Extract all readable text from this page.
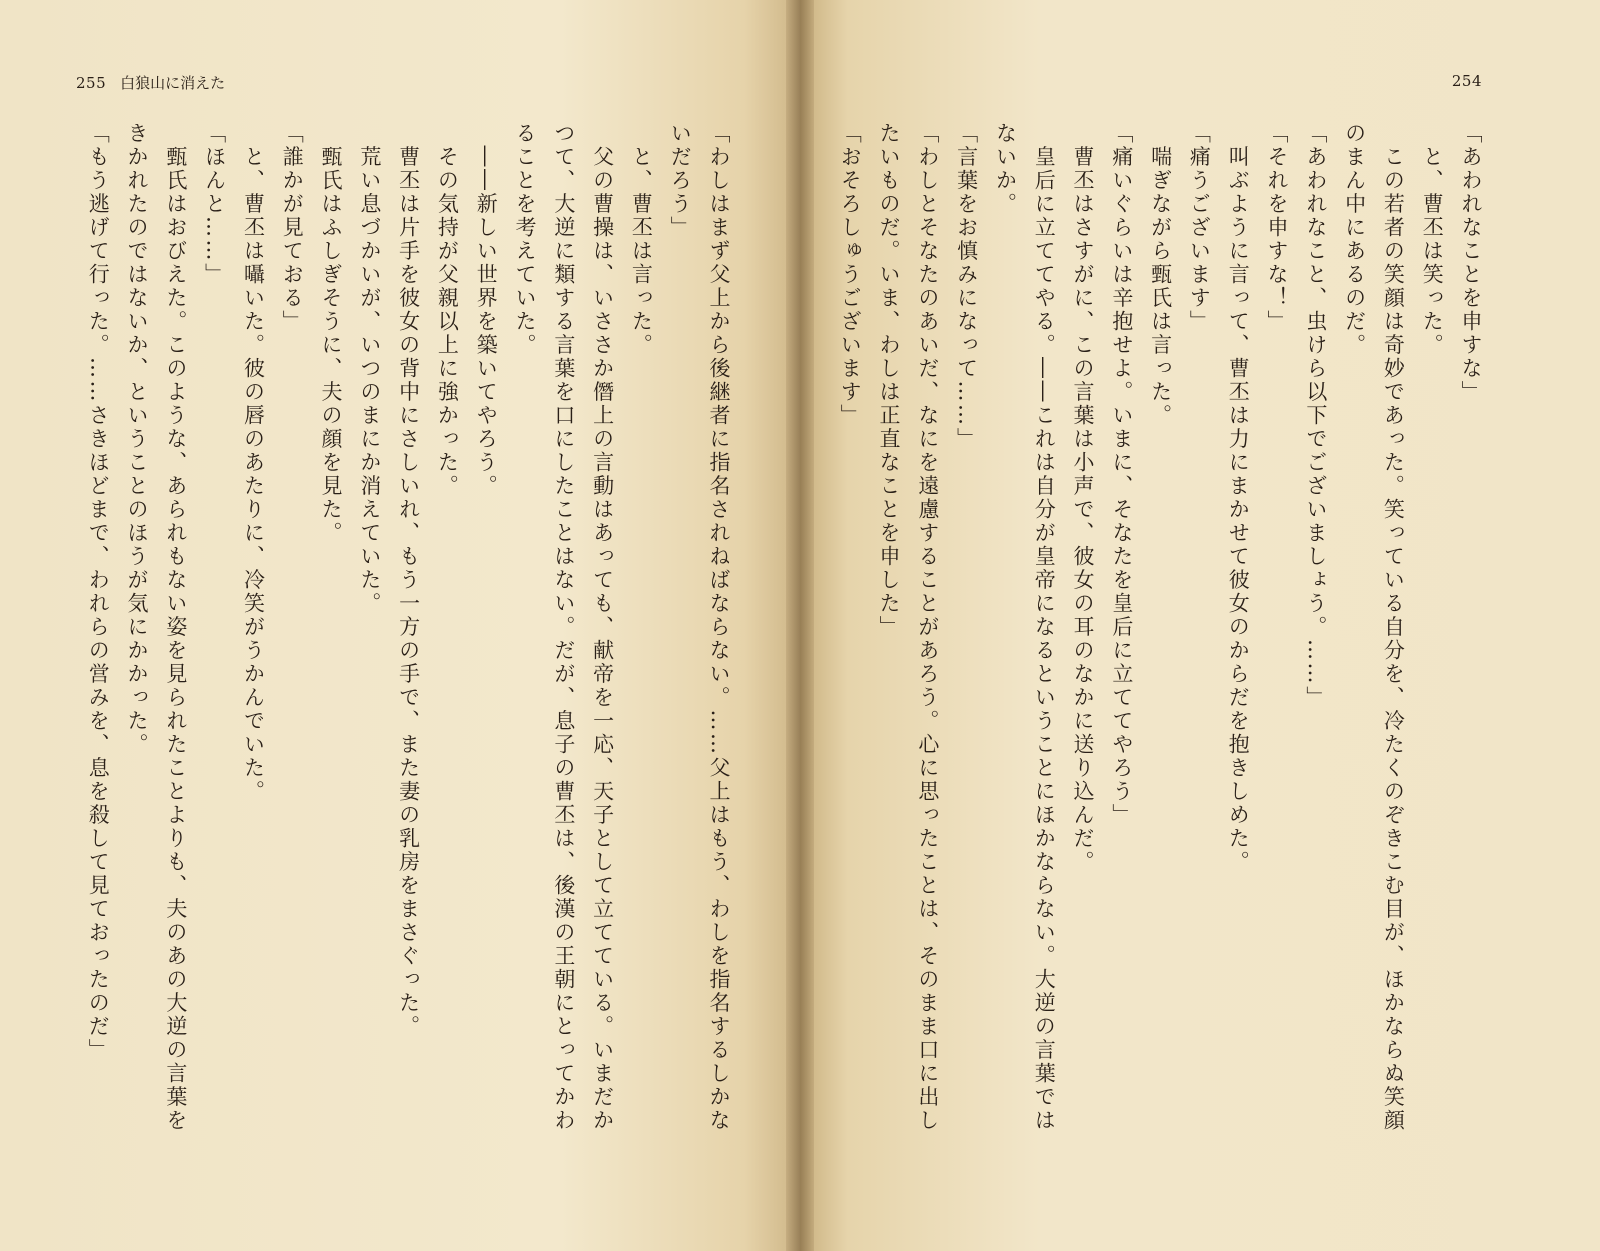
255 白狼山に消えた
「わしはまず父上から後継者に指名されねばならない。……父上はもう、わしを指名するしかな
いだろう」
　と、曹丕は言った。
　父の曹操は、いささか僭上の言動はあっても、献帝を一応、天子として立てている。いまだか
つて、大逆に類する言葉を口にしたことはない。だが、息子の曹丕は、後漢の王朝にとってかわ
ることを考えていた。
　――新しい世界を築いてやろう。
　その気持が父親以上に強かった。
　曹丕は片手を彼女の背中にさしいれ、もう一方の手で、また妻の乳房をまさぐった。
　荒い息づかいが、いつのまにか消えていた。
　甄氏はふしぎそうに、夫の顔を見た。
「誰かが見ておる」
　と、曹丕は囁いた。彼の唇のあたりに、冷笑がうかんでいた。
「ほんと……」
　甄氏はおびえた。このような、あられもない姿を見られたことよりも、夫のあの大逆の言葉を
きかれたのではないか、ということのほうが気にかかった。
「もう逃げて行った。……さきほどまで、われらの営みを、息を殺して見ておったのだ」
254
「あわれなことを申すな」
　と、曹丕は笑った。
　この若者の笑顔は奇妙であった。笑っている自分を、冷たくのぞきこむ目が、ほかならぬ笑顔
のまん中にあるのだ。
「あわれなこと、虫けら以下でございましょう。……」
「それを申すな！」
　叫ぶように言って、曹丕は力にまかせて彼女のからだを抱きしめた。
「痛うございます」
　喘ぎながら甄氏は言った。
「痛いぐらいは辛抱せよ。いまに、そなたを皇后に立ててやろう」
　曹丕はさすがに、この言葉は小声で、彼女の耳のなかに送り込んだ。
　皇后に立ててやる。――これは自分が皇帝になるということにほかならない。大逆の言葉では
ないか。
「言葉をお慎みになって……」
「わしとそなたのあいだ、なにを遠慮することがあろう。心に思ったことは、そのまま口に出し
たいものだ。いま、わしは正直なことを申した」
「おそろしゅうございます」
